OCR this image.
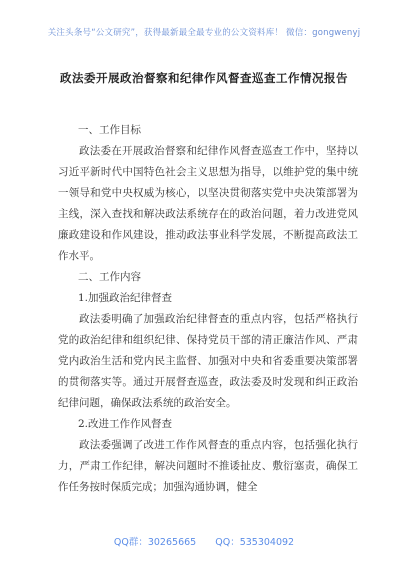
关注头条号“公文研究”，获得最新最全最专业的公文资料库！ 微信：gongwenyj
政法委开展政治督察和纪律作风督查巡查工作情况报告

一、工作目标

政法委在开展政治督察和纪律作风督查巡查工作中，坚持以习近平新时代中国特色社会主义思想为指导，以维护党的集中统一领导和党中央权威为核心，以坚决贯彻落实党中央决策部署为主线，深入查找和解决政法系统存在的政治问题，着力改进党风廉政建设和作风建设，推动政法事业科学发展，不断提高政法工作水平。

二、工作内容

1.加强政治纪律督查

政法委明确了加强政治纪律督查的重点内容，包括严格执行党的政治纪律和组织纪律、保持党员干部的清正廉洁作风、严肃党内政治生活和党内民主监督、加强对中央和省委重要决策部署的贯彻落实等。通过开展督查巡查，政法委及时发现和纠正政治纪律问题，确保政法系统的政治安全。

2.改进工作作风督查

政法委强调了改进工作作风督查的重点内容，包括强化执行力，严肃工作纪律，解决问题时不推诿扯皮、敷衍塞责，确保工作任务按时保质完成；加强沟通协调，健全

QQ群：30265665 QQ：535304092
